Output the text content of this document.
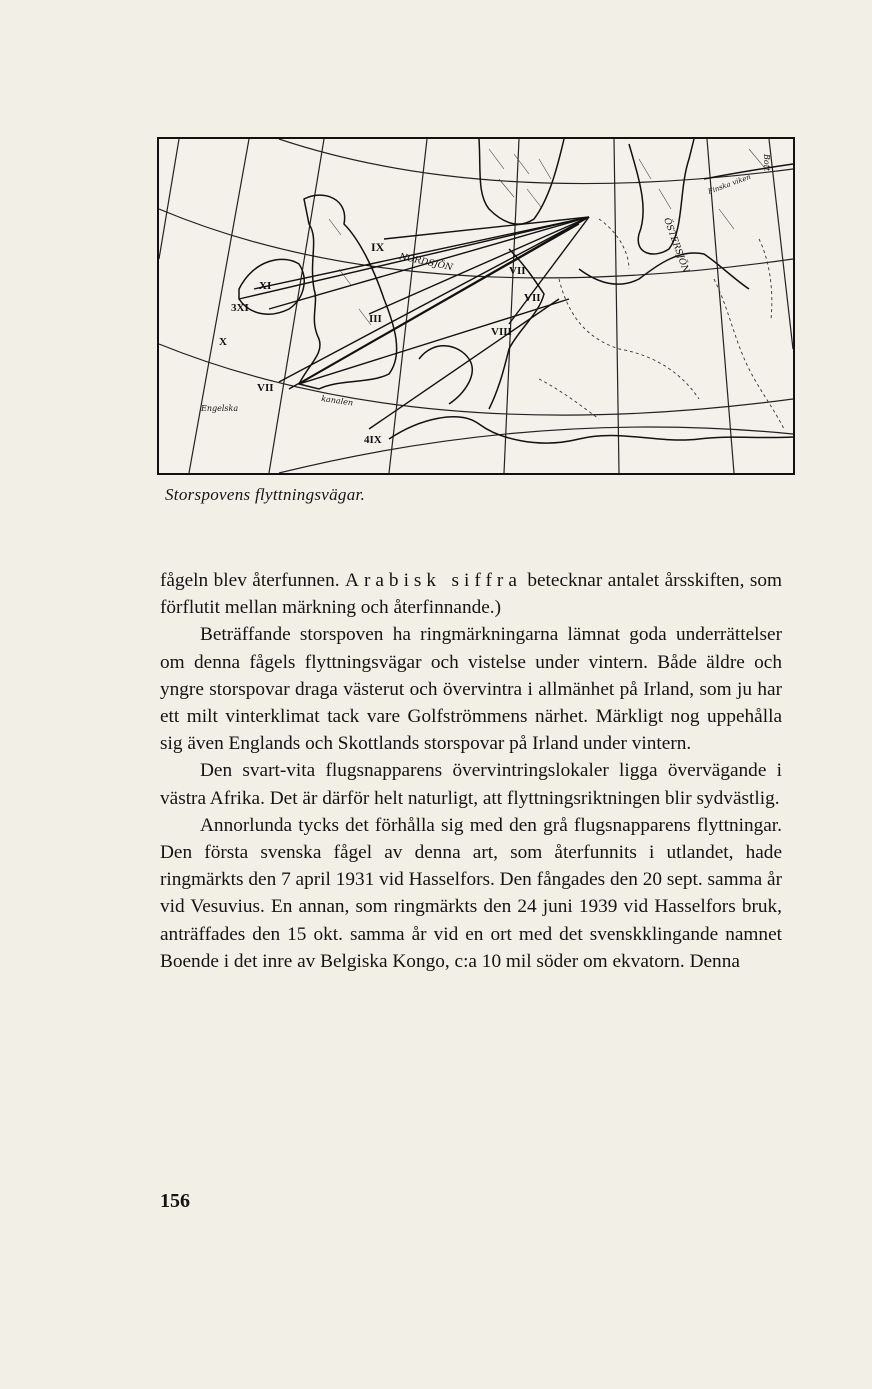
NORDSJÖN
Engelska
kanalen
ÖSTERSJÖN
Bott
Finska viken
IX
XI
3XI
III
VII
VII
VIII
VII
4IX
X

Storspovens flyttningsvägar.

fågeln blev återfunnen. Arabisk siffra betecknar antalet årsskiften, som förflutit mellan märkning och återfinnande.)

Beträffande storspoven ha ringmärkningarna lämnat goda underrättelser om denna fågels flyttningsvägar och vistelse under vintern. Både äldre och yngre storspovar draga västerut och övervintra i allmänhet på Irland, som ju har ett milt vinterklimat tack vare Golfströmmens närhet. Märkligt nog uppehålla sig även Englands och Skottlands storspovar på Irland under vintern.

Den svart-vita flugsnapparens övervintringslokaler ligga övervägande i västra Afrika. Det är därför helt naturligt, att flyttningsriktningen blir sydvästlig.

Annorlunda tycks det förhålla sig med den grå flugsnapparens flyttningar. Den första svenska fågel av denna art, som återfunnits i utlandet, hade ringmärkts den 7 april 1931 vid Hasselfors. Den fångades den 20 sept. samma år vid Vesuvius. En annan, som ringmärkts den 24 juni 1939 vid Hasselfors bruk, anträffades den 15 okt. samma år vid en ort med det svenskklingande namnet Boende i det inre av Belgiska Kongo, c:a 10 mil söder om ekvatorn. Denna

156
